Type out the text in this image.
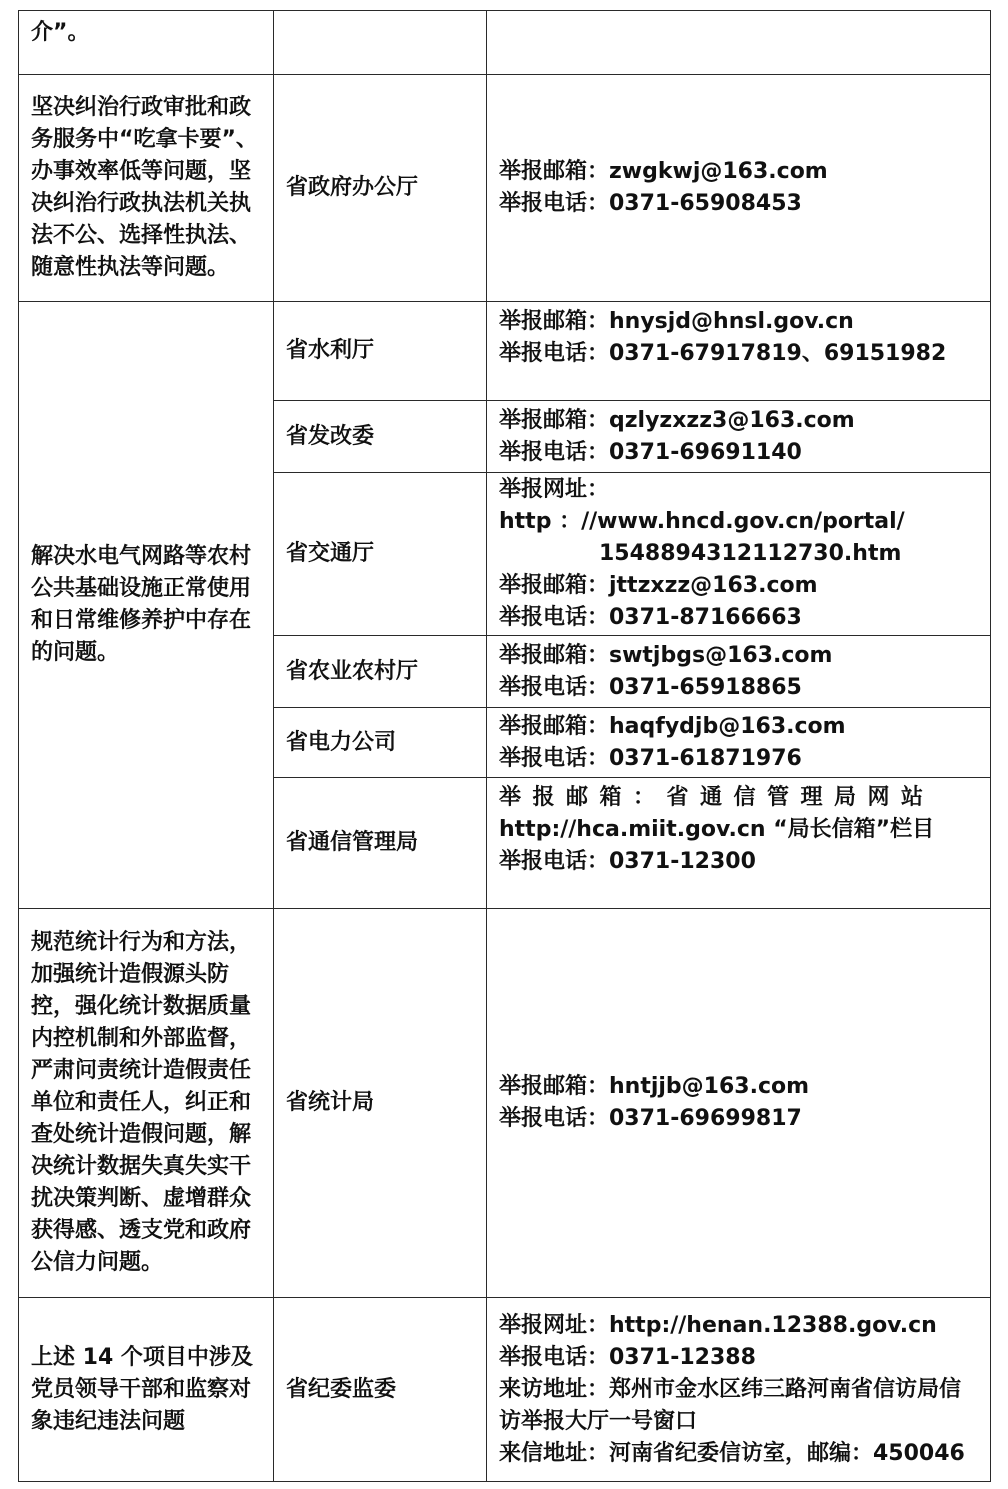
介”。		
坚决纠治行政审批和政务服务中“吃拿卡要”、办事效率低等问题，坚决纠治行政执法机关执法不公、选择性执法、随意性执法等问题。	省政府办公厅	举报邮箱：zwgkwj@163.com
举报电话：0371-65908453

解决水电气网路等农村公共基础设施正常使用和日常维修养护中存在的问题。	省水利厅	举报邮箱：hnysjd@hnsl.gov.cn
举报电话：0371-67917819、69151982

	省发改委	举报邮箱：qzlyzxzz3@163.com
举报电话：0371-69691140

	省交通厅	举报网址：
http ：//www.hncd.gov.cn/portal/
1548894312112730.htm
举报邮箱：jttzxzz@163.com
举报电话：0371-87166663

	省农业农村厅	举报邮箱：swtjbgs@163.com
举报电话：0371-65918865

	省电力公司	举报邮箱：haqfydjb@163.com
举报电话：0371-61871976

	省通信管理局	举报邮箱：省通信管理局网站
http://hca.miit.gov.cn “局长信箱”栏目
举报电话：0371-12300

规范统计行为和方法，加强统计造假源头防控，强化统计数据质量内控机制和外部监督，严肃问责统计造假责任单位和责任人，纠正和查处统计造假问题，解决统计数据失真失实干扰决策判断、虚增群众获得感、透支党和政府公信力问题。	省统计局	举报邮箱：hntjjb@163.com
举报电话：0371-69699817

上述 14 个项目中涉及党员领导干部和监察对象违纪违法问题	省纪委监委	举报网址：http://henan.12388.gov.cn
举报电话：0371-12388
来访地址：郑州市金水区纬三路河南省信访局信访举报大厅一号窗口
来信地址：河南省纪委信访室，邮编：450046
